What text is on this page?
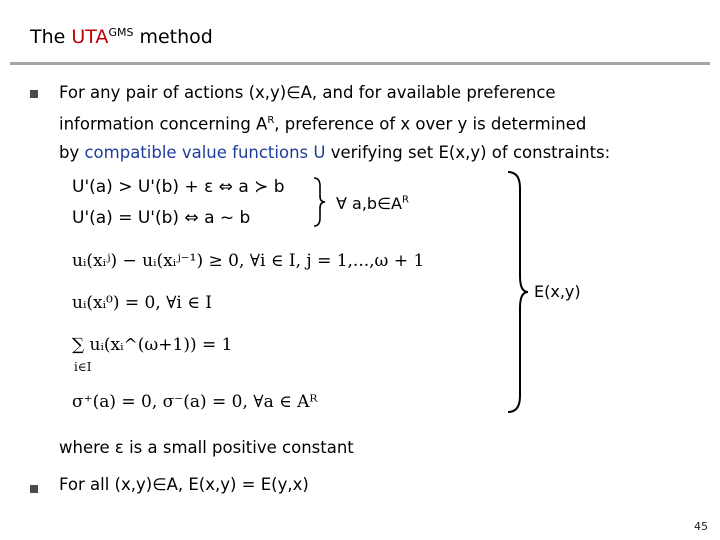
The $UTA^{GMS}$ method
For any pair of actions (x,y)∈A, and for available preference
information concerning $A^R$, preference of x over y is determined
by compatible value functions U verifying set E(x,y) of constraints:
U'(a) > U'(b) + ε ⇔ a ≻ b
U'(a) = U'(b) ⇔ a ~ b
∀ $a,b\in A^R$
uᵢ(xᵢʲ) − uᵢ(xᵢʲ⁻¹) ≥ 0, ∀i ∈ I, j = 1,...,ω + 1
uᵢ(xᵢ⁰) = 0, ∀i ∈ I
∑ uᵢ(xᵢ^(ω+1)) = 1
i∈I
σ⁺(a) = 0, σ⁻(a) = 0, ∀a ∈ Aᴿ
E(x,y)
where ε is a small positive constant
For all (x,y)∈A, E(x,y) = E(y,x)
45
